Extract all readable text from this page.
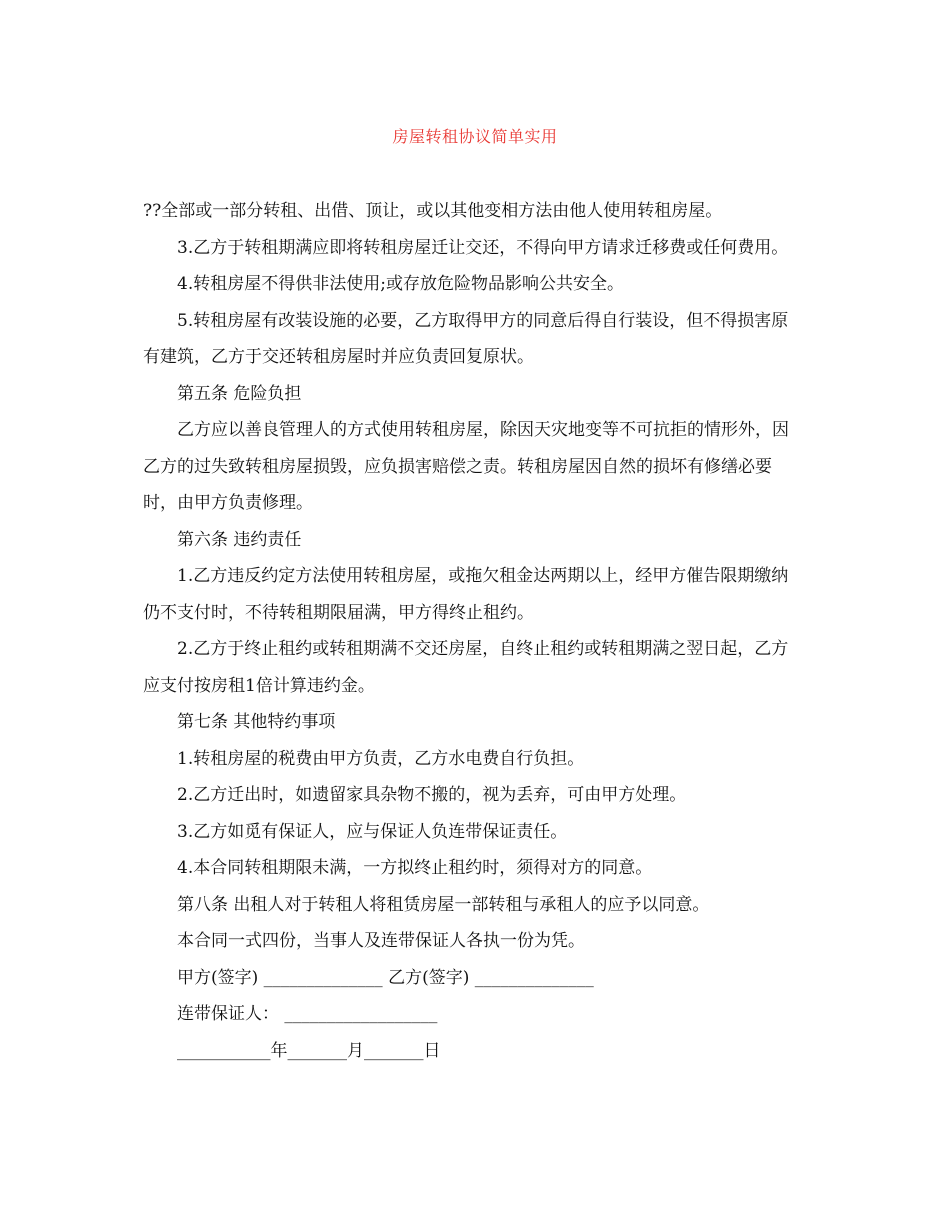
房屋转租协议简单实用

??全部或一部分转租、出借、顶让，或以其他变相方法由他人使用转租房屋。

3.乙方于转租期满应即将转租房屋迁让交还，不得向甲方请求迁移费或任何费用。

4.转租房屋不得供非法使用;或存放危险物品影响公共安全。

5.转租房屋有改装设施的必要，乙方取得甲方的同意后得自行装设，但不得损害原有建筑，乙方于交还转租房屋时并应负责回复原状。

第五条 危险负担

乙方应以善良管理人的方式使用转租房屋，除因天灾地变等不可抗拒的情形外，因乙方的过失致转租房屋损毁，应负损害赔偿之责。转租房屋因自然的损坏有修缮必要时，由甲方负责修理。

第六条 违约责任

1.乙方违反约定方法使用转租房屋，或拖欠租金达两期以上，经甲方催告限期缴纳仍不支付时，不待转租期限届满，甲方得终止租约。

2.乙方于终止租约或转租期满不交还房屋，自终止租约或转租期满之翌日起，乙方应支付按房租1倍计算违约金。

第七条 其他特约事项

1.转租房屋的税费由甲方负责，乙方水电费自行负担。

2.乙方迁出时，如遗留家具杂物不搬的，视为丢弃，可由甲方处理。

3.乙方如觅有保证人，应与保证人负连带保证责任。

4.本合同转租期限未满，一方拟终止租约时，须得对方的同意。

第八条 出租人对于转租人将租赁房屋一部转租与承租人的应予以同意。

本合同一式四份，当事人及连带保证人各执一份为凭。

甲方(签字) ______________ 乙方(签字) ______________

连带保证人： __________________

___________年_______月_______日
